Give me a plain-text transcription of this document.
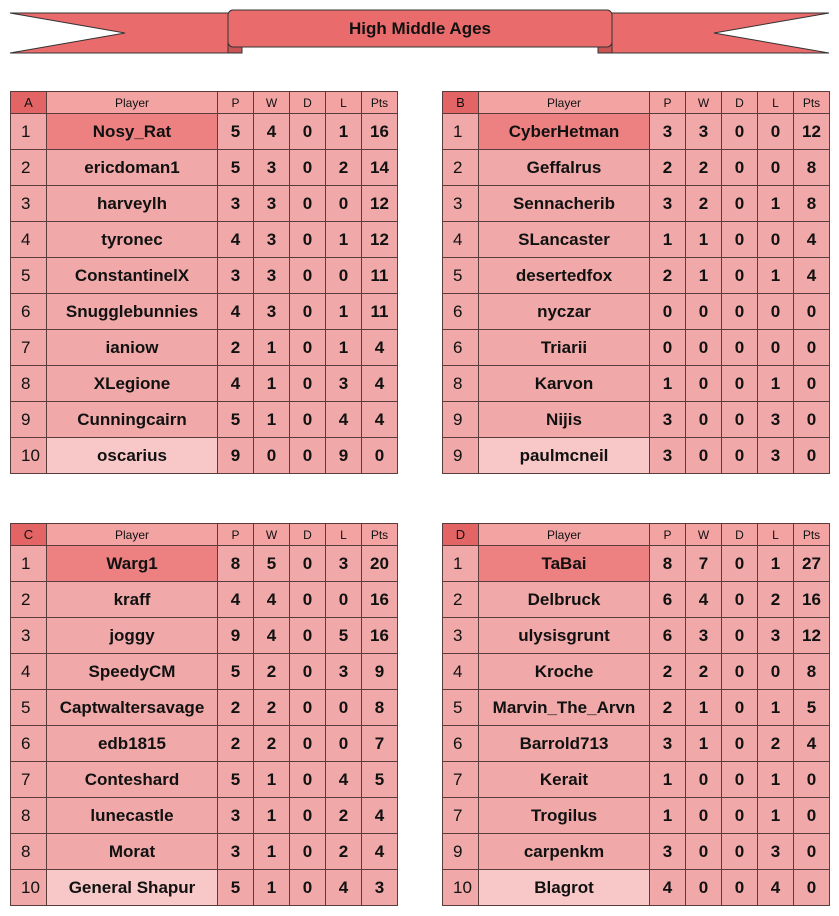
High Middle Ages
A	Player	P	W	D	L	Pts
1	Nosy_Rat	5	4	0	1	16
2	ericdoman1	5	3	0	2	14
3	harveylh	3	3	0	0	12
4	tyronec	4	3	0	1	12
5	ConstantinelX	3	3	0	0	11
6	Snugglebunnies	4	3	0	1	11
7	ianiow	2	1	0	1	4
8	XLegione	4	1	0	3	4
9	Cunningcairn	5	1	0	4	4
10	oscarius	9	0	0	9	0
B	Player	P	W	D	L	Pts
1	CyberHetman	3	3	0	0	12
2	Geffalrus	2	2	0	0	8
3	Sennacherib	3	2	0	1	8
4	SLancaster	1	1	0	0	4
5	desertedfox	2	1	0	1	4
6	nyczar	0	0	0	0	0
6	Triarii	0	0	0	0	0
8	Karvon	1	0	0	1	0
9	Nijis	3	0	0	3	0
9	paulmcneil	3	0	0	3	0
C	Player	P	W	D	L	Pts
1	Warg1	8	5	0	3	20
2	kraff	4	4	0	0	16
3	joggy	9	4	0	5	16
4	SpeedyCM	5	2	0	3	9
5	Captwaltersavage	2	2	0	0	8
6	edb1815	2	2	0	0	7
7	Conteshard	5	1	0	4	5
8	lunecastle	3	1	0	2	4
8	Morat	3	1	0	2	4
10	General Shapur	5	1	0	4	3
D	Player	P	W	D	L	Pts
1	TaBai	8	7	0	1	27
2	Delbruck	6	4	0	2	16
3	ulysisgrunt	6	3	0	3	12
4	Kroche	2	2	0	0	8
5	Marvin_The_Arvn	2	1	0	1	5
6	Barrold713	3	1	0	2	4
7	Kerait	1	0	0	1	0
7	Trogilus	1	0	0	1	0
9	carpenkm	3	0	0	3	0
10	Blagrot	4	0	0	4	0
